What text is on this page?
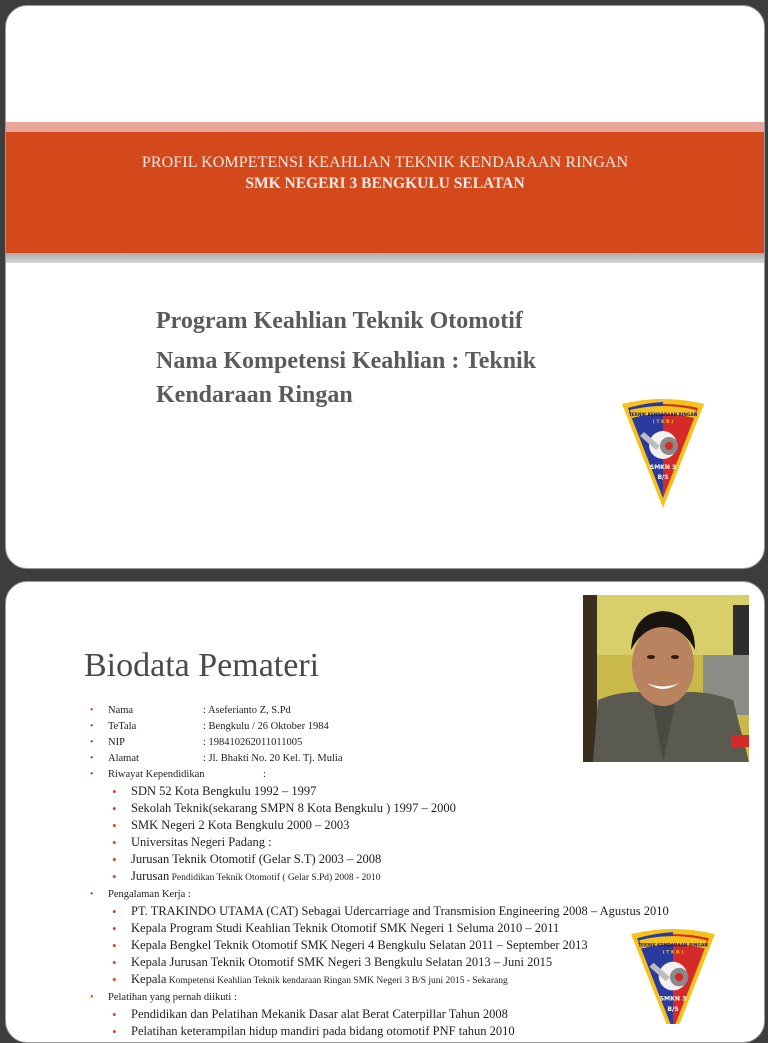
PROFIL KOMPETENSI KEAHLIAN TEKNIK KENDARAAN RINGAN
SMK NEGERI 3 BENGKULU SELATAN
Program Keahlian Teknik Otomotif
Nama Kompetensi Keahlian : Teknik Kendaraan Ringan
TEKNIK KENDARAAN RINGAN
( T K R )
SMKN 3
B/S
Biodata Pemateri
• Nama	: Aseferianto Z, S.Pd
• TeTala	: Bengkulu / 26 Oktober 1984
• NIP	: 198410262011011005
• Alamat	: Jl. Bhakti No. 20 Kel. Tj. Mulia
• Riwayat Kependidikan	:
• SDN 52 Kota Bengkulu 1992 – 1997
• Sekolah Teknik(sekarang SMPN 8 Kota Bengkulu ) 1997 – 2000
• SMK Negeri 2 Kota Bengkulu 2000 – 2003
• Universitas Negeri Padang :
• Jurusan Teknik Otomotif (Gelar S.T) 2003 – 2008
• Jurusan Pendidikan Teknik Otomotif ( Gelar S.Pd) 2008 - 2010
• Pengalaman Kerja :
• PT. TRAKINDO UTAMA (CAT) Sebagai Udercarriage and Transmision Engineering 2008 – Agustus 2010
• Kepala Program Studi Keahlian Teknik Otomotif SMK Negeri 1 Seluma 2010 – 2011
• Kepala Bengkel Teknik Otomotif SMK Negeri 4 Bengkulu Selatan 2011 – September 2013
• Kepala Jurusan Teknik Otomotif SMK Negeri 3 Bengkulu Selatan 2013 – Juni 2015
• Kepala Kompetensi Keahlian Teknik kendaraan Ringan SMK Negeri 3 B/S juni 2015 - Sekarang
• Pelatihan yang pernah diikuti :
• Pendidikan dan Pelatihan Mekanik Dasar alat Berat Caterpillar Tahun 2008
• Pelatihan keterampilan hidup mandiri pada bidang otomotif PNF tahun 2010
TEKNIK KENDARAAN RINGAN
( T K R )
SMKN 3
B/S
